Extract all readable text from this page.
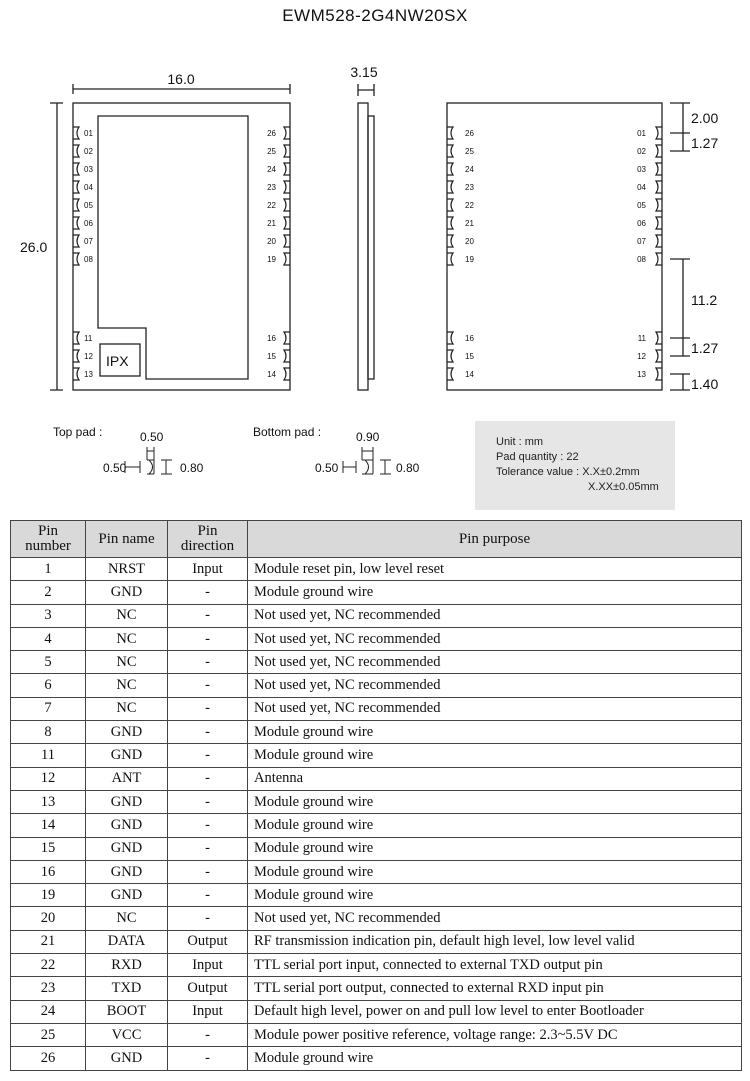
EWM528-2G4NW20SX
01	26	26	01
02	25	25	02
03	24	24	03
04	23	23	04
05	22	22	05
06	21	21	06
07	20	20	07
08	19	19	08
11	16	16	11
12	15	15	12
13	14	14	13
16.0
26.0
3.15
2.00
1.27
11.2
1.27
1.40
IPX
Top pad :	Bottom pad :
0.50
0.50	0.80
0.90
0.50	0.80
Unit : mm
Pad quantity : 22
Tolerance value : X.X±0.2mm
X.XX±0.05mm
Pin number	Pin name	Pin direction	Pin purpose
1	NRST	Input	Module reset pin, low level reset
2	GND	-	Module ground wire
3	NC	-	Not used yet, NC recommended
4	NC	-	Not used yet, NC recommended
5	NC	-	Not used yet, NC recommended
6	NC	-	Not used yet, NC recommended
7	NC	-	Not used yet, NC recommended
8	GND	-	Module ground wire
11	GND	-	Module ground wire
12	ANT	-	Antenna
13	GND	-	Module ground wire
14	GND	-	Module ground wire
15	GND	-	Module ground wire
16	GND	-	Module ground wire
19	GND	-	Module ground wire
20	NC	-	Not used yet, NC recommended
21	DATA	Output	RF transmission indication pin, default high level, low level valid
22	RXD	Input	TTL serial port input, connected to external TXD output pin
23	TXD	Output	TTL serial port output, connected to external RXD input pin
24	BOOT	Input	Default high level, power on and pull low level to enter Bootloader
25	VCC	-	Module power positive reference, voltage range: 2.3~5.5V DC
26	GND	-	Module ground wire
